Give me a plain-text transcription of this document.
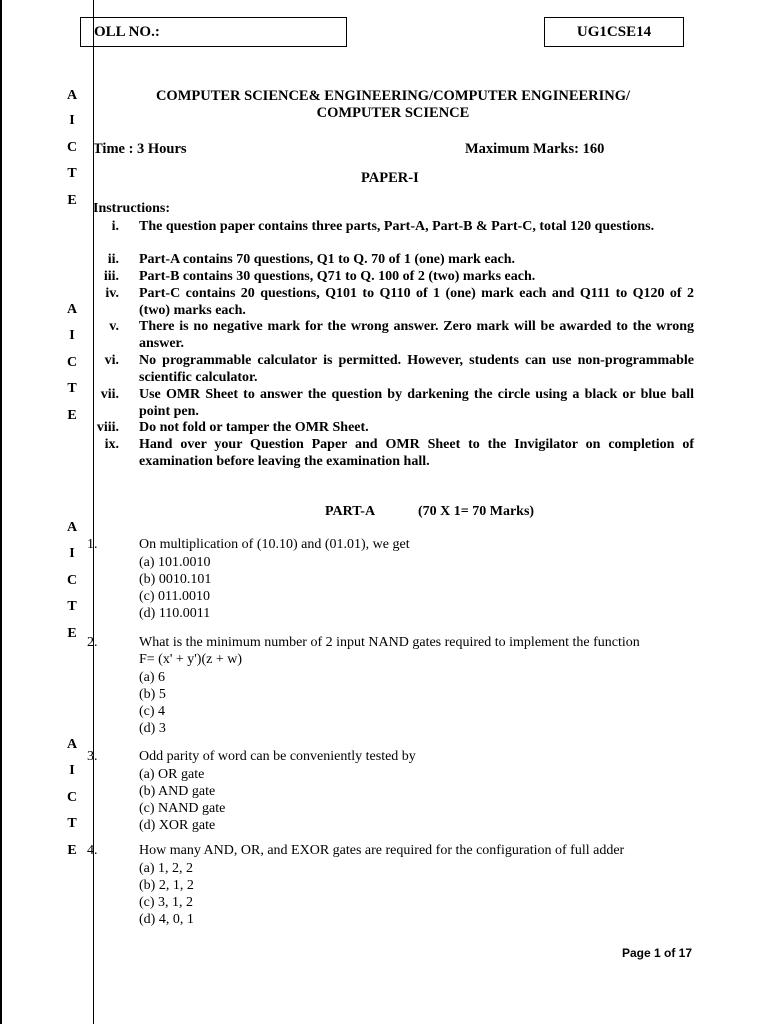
A
I
C
T
E
A
I
C
T
E
A
I
C
T
E
A
I
C
T
E
OLL NO.:	UG1CSE14
COMPUTER SCIENCE& ENGINEERING/COMPUTER ENGINEERING/
COMPUTER SCIENCE
Time : 3 Hours	Maximum Marks: 160
PAPER-I
Instructions:
i. The question paper contains three parts, Part-A, Part-B & Part-C, total 120 questions.
ii. Part-A contains 70 questions, Q1 to Q. 70 of 1 (one) mark each.
iii. Part-B contains 30 questions, Q71 to Q. 100 of 2 (two) marks each.
iv. Part-C contains 20 questions, Q101 to Q110 of 1 (one) mark each and Q111 to Q120 of 2 (two) marks each.
v. There is no negative mark for the wrong answer. Zero mark will be awarded to the wrong answer.
vi. No programmable calculator is permitted. However, students can use non-programmable scientific calculator.
vii. Use OMR Sheet to answer the question by darkening the circle using a black or blue ball point pen.
viii. Do not fold or tamper the OMR Sheet.
ix. Hand over your Question Paper and OMR Sheet to the Invigilator on completion of examination before leaving the examination hall.
PART-A	(70 X 1= 70 Marks)
1.	On multiplication of (10.10) and (01.01), we get
(a) 101.0010
(b) 0010.101
(c) 011.0010
(d) 110.0011
2.	What is the minimum number of 2 input NAND gates required to implement the function
F= (x' + y')(z + w)
(a) 6
(b) 5
(c) 4
(d) 3
3.	Odd parity of word can be conveniently tested by
(a) OR gate
(b) AND gate
(c) NAND gate
(d) XOR gate
4.	How many AND, OR, and EXOR gates are required for the configuration of full adder
(a) 1, 2, 2
(b) 2, 1, 2
(c) 3, 1, 2
(d) 4, 0, 1
Page 1 of 17
